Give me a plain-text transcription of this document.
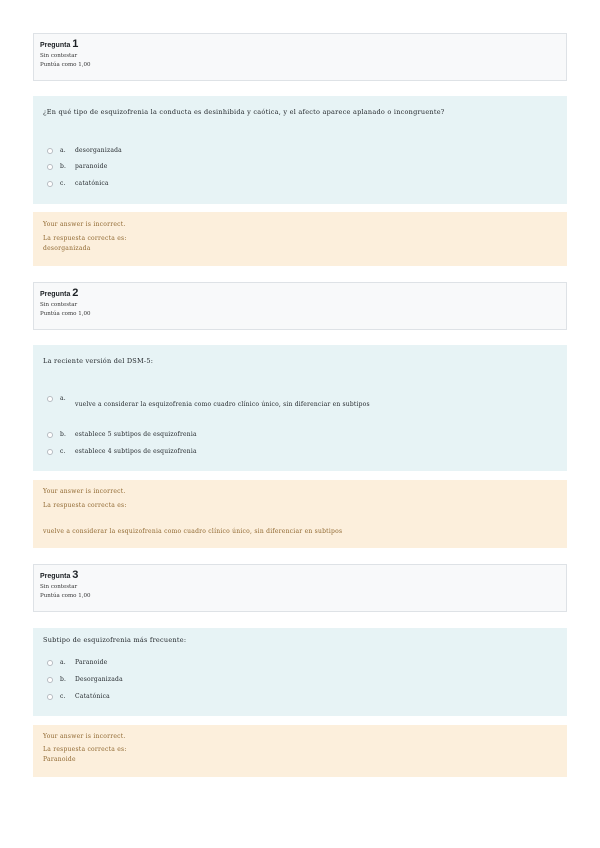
Pregunta 1
Sin contestar
Puntúa como 1,00
¿En qué tipo de esquizofrenia la conducta es desinhibida y caótica, y el afecto aparece aplanado o incongruente?
a. desorganizada
b. paranoide
c. catatónica
Your answer is incorrect.
La respuesta correcta es:
desorganizada
Pregunta 2
Sin contestar
Puntúa como 1,00
La reciente versión del DSM-5:
a.
vuelve a considerar la esquizofrenia como cuadro clínico único, sin diferenciar en subtipos
b. establece 5 subtipos de esquizofrenia
c. establece 4 subtipos de esquizofrenia
Your answer is incorrect.
La respuesta correcta es:
vuelve a considerar la esquizofrenia como cuadro clínico único, sin diferenciar en subtipos
Pregunta 3
Sin contestar
Puntúa como 1,00
Subtipo de esquizofrenia más frecuente:
a. Paranoide
b. Desorganizada
c. Catatónica
Your answer is incorrect.
La respuesta correcta es:
Paranoide
